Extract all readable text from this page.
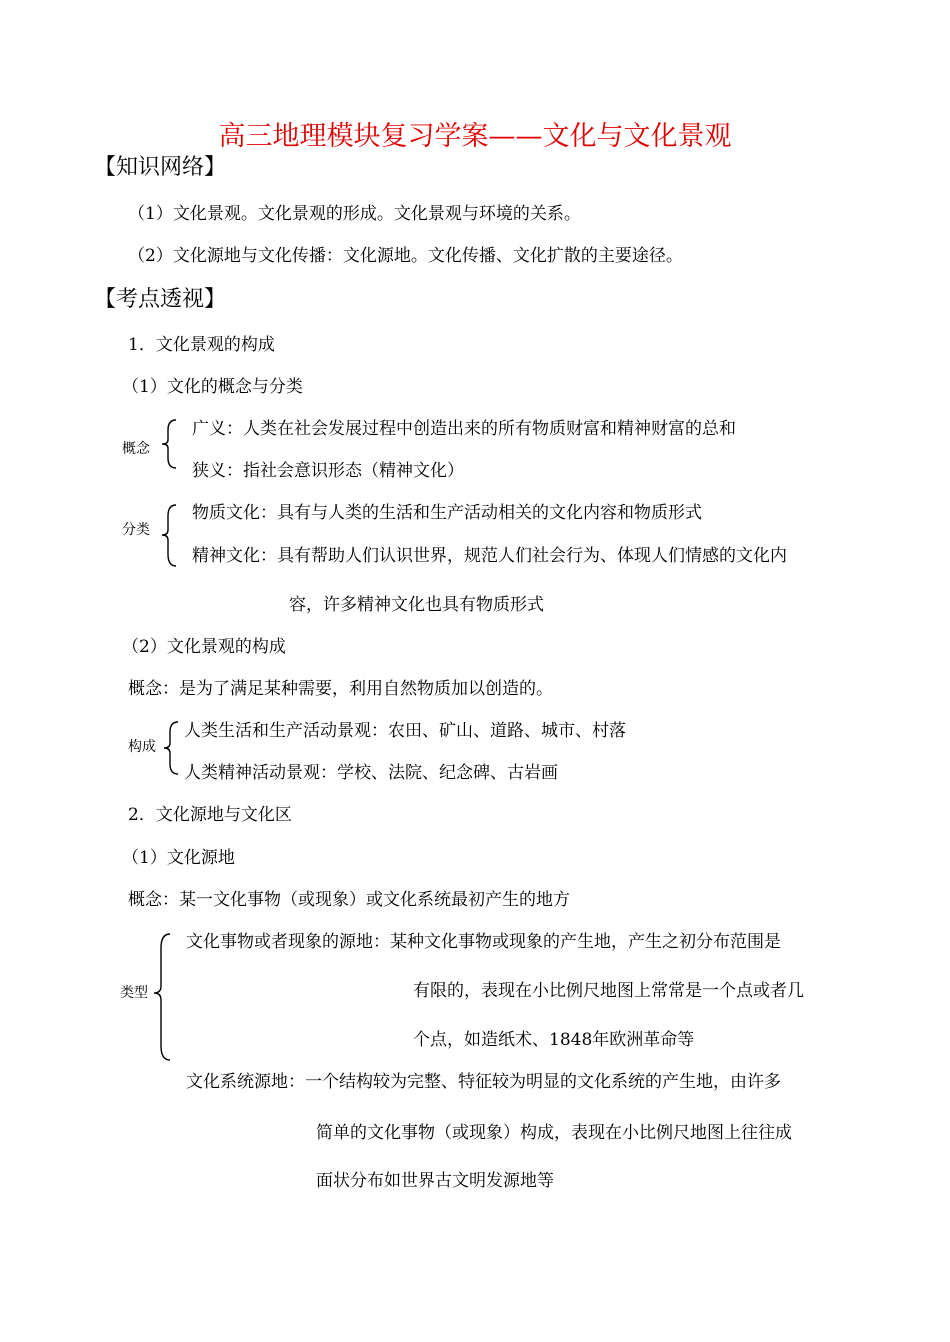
高三地理模块复习学案——文化与文化景观
【知识网络】
（1）文化景观。文化景观的形成。文化景观与环境的关系。
（2）文化源地与文化传播：文化源地。文化传播、文化扩散的主要途径。
【考点透视】
1．文化景观的构成
（1）文化的概念与分类
概念
广义：人类在社会发展过程中创造出来的所有物质财富和精神财富的总和
狭义：指社会意识形态（精神文化）
分类
物质文化：具有与人类的生活和生产活动相关的文化内容和物质形式
精神文化：具有帮助人们认识世界，规范人们社会行为、体现人们情感的文化内
容，许多精神文化也具有物质形式
（2）文化景观的构成
概念：是为了满足某种需要，利用自然物质加以创造的。
构成
人类生活和生产活动景观：农田、矿山、道路、城市、村落
人类精神活动景观：学校、法院、纪念碑、古岩画
2．文化源地与文化区
（1）文化源地
概念：某一文化事物（或现象）或文化系统最初产生的地方
类型
文化事物或者现象的源地：某种文化事物或现象的产生地，产生之初分布范围是
有限的，表现在小比例尺地图上常常是一个点或者几
个点，如造纸术、1848年欧洲革命等
文化系统源地：一个结构较为完整、特征较为明显的文化系统的产生地，由许多
简单的文化事物（或现象）构成，表现在小比例尺地图上往往成
面状分布如世界古文明发源地等
